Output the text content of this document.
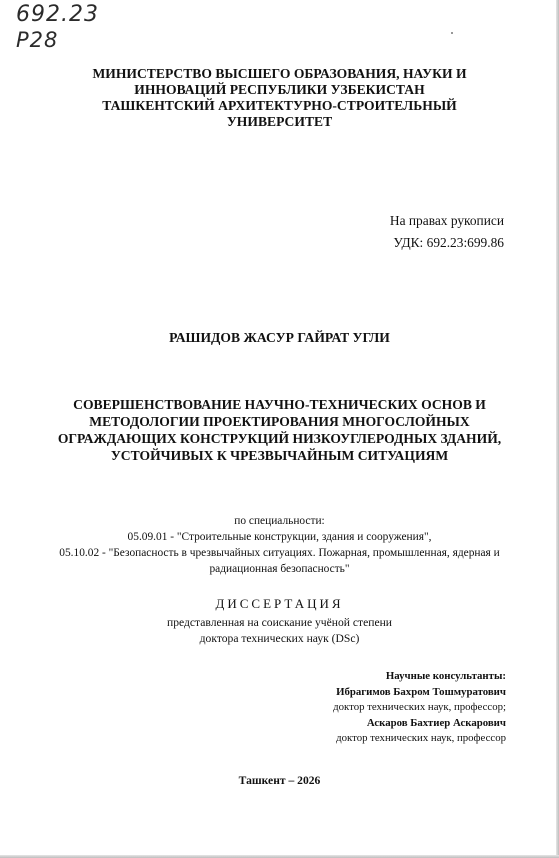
692.23
P28
МИНИСТЕРСТВО ВЫСШЕГО ОБРАЗОВАНИЯ, НАУКИ И
ИННОВАЦИЙ РЕСПУБЛИКИ УЗБЕКИСТАН
ТАШКЕНТСКИЙ АРХИТЕКТУРНО-СТРОИТЕЛЬНЫЙ
УНИВЕРСИТЕТ
На правах рукописи
УДК: 692.23:699.86
РАШИДОВ ЖАСУР ГАЙРАТ УГЛИ
СОВЕРШЕНСТВОВАНИЕ НАУЧНО-ТЕХНИЧЕСКИХ ОСНОВ И
МЕТОДОЛОГИИ ПРОЕКТИРОВАНИЯ МНОГОСЛОЙНЫХ
ОГРАЖДАЮЩИХ КОНСТРУКЦИЙ НИЗКОУГЛЕРОДНЫХ ЗДАНИЙ,
УСТОЙЧИВЫХ К ЧРЕЗВЫЧАЙНЫМ СИТУАЦИЯМ
по специальности:
05.09.01 - "Строительные конструкции, здания и сооружения",
05.10.02 - "Безопасность в чрезвычайных ситуациях. Пожарная, промышленная, ядерная и
радиационная безопасность"
ДИССЕРТАЦИЯ
представленная на соискание учёной степени
доктора технических наук (DSc)
Научные консультанты:
Ибрагимов Бахром Тошмуратович
доктор технических наук, профессор;
Аскаров Бахтиер Аскарович
доктор технических наук, профессор
Ташкент – 2026
